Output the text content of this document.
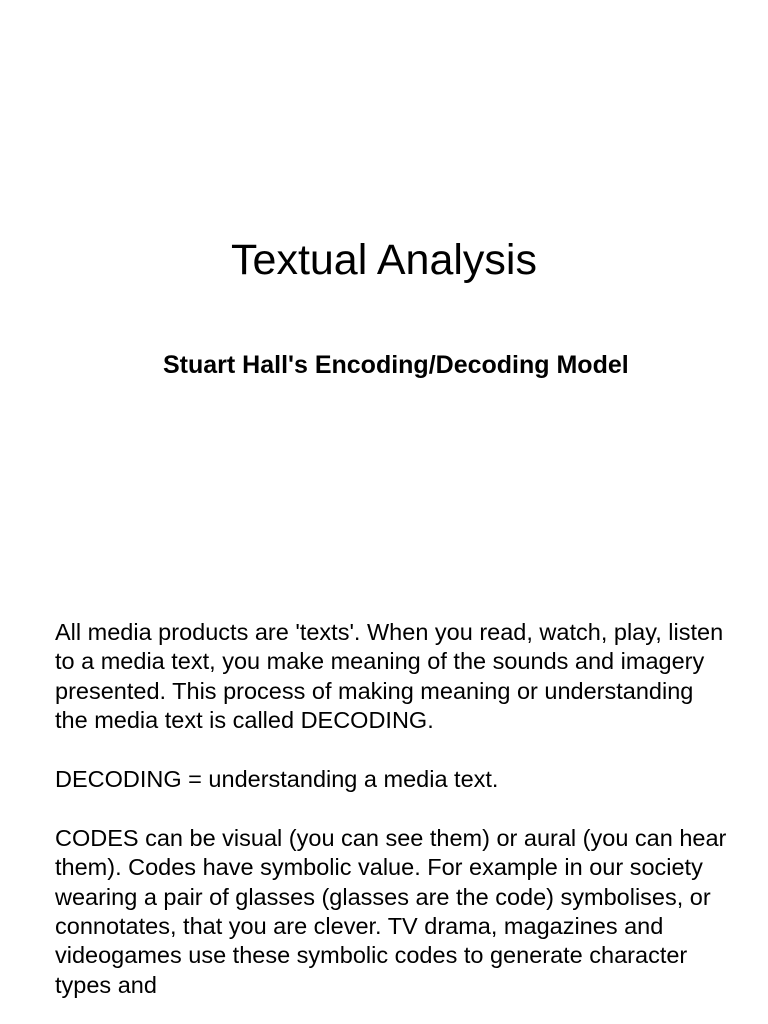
Textual Analysis
Stuart Hall's Encoding/Decoding Model

All media products are 'texts'. When you read, watch, play, listen to a media text, you make meaning of the sounds and imagery presented. This process of making meaning or understanding the media text is called DECODING.

DECODING = understanding a media text.

CODES can be visual (you can see them) or aural (you can hear them). Codes have symbolic value. For example in our society wearing a pair of glasses (glasses are the code) symbolises, or connotates, that you are clever. TV drama, magazines and videogames use these symbolic codes to generate character types and
